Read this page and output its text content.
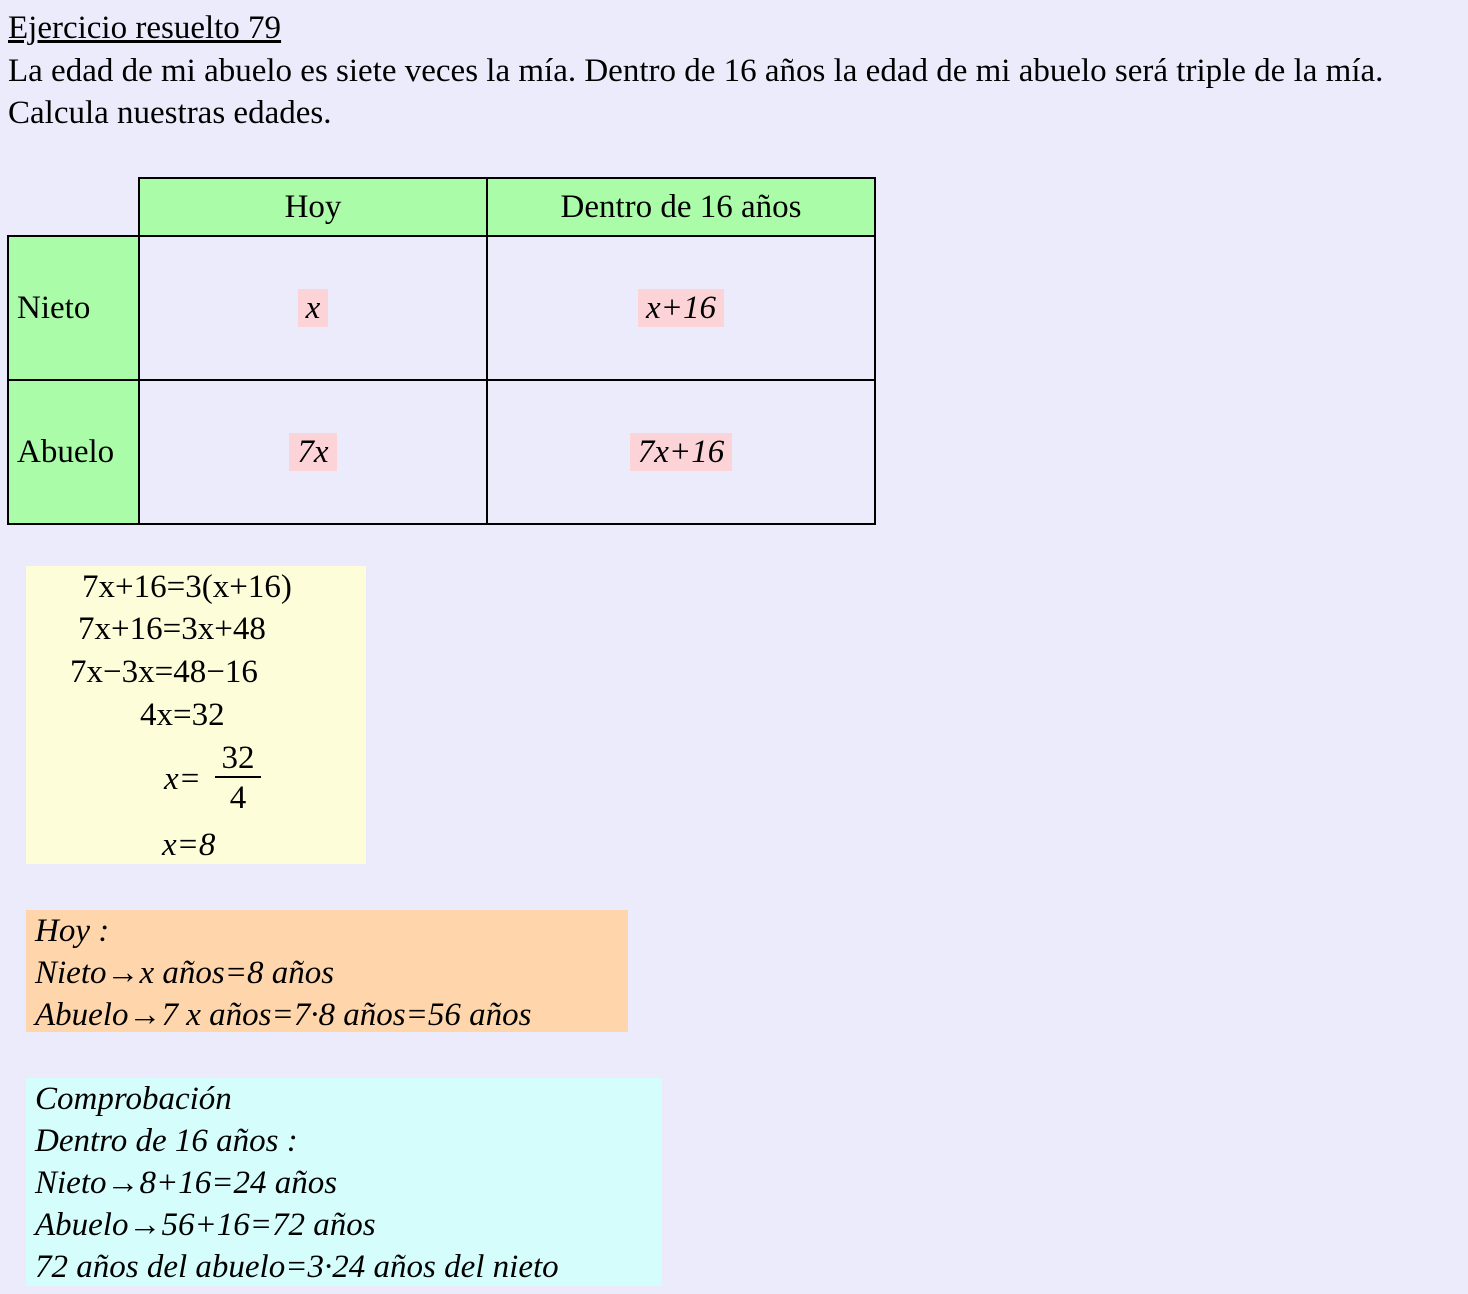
Ejercicio resuelto 79
La edad de mi abuelo es siete veces la mía. Dentro de 16 años la edad de mi abuelo será triple de la mía. Calcula nuestras edades.
	Hoy	Dentro de 16 años
Nieto	x	x+16
Abuelo	7x	7x+16
7x+16=3(x+16)
7x+16=3x+48
7x−3x=48−16
4x=32
x=
x=8
$\frac{32}{4}$
Hoy :
Nieto→x años=8 años
Abuelo→7 x años=7·8 años=56 años
Comprobación
Dentro de 16 años :
Nieto→8+16=24 años
Abuelo→56+16=72 años
72 años del abuelo=3·24 años del nieto
